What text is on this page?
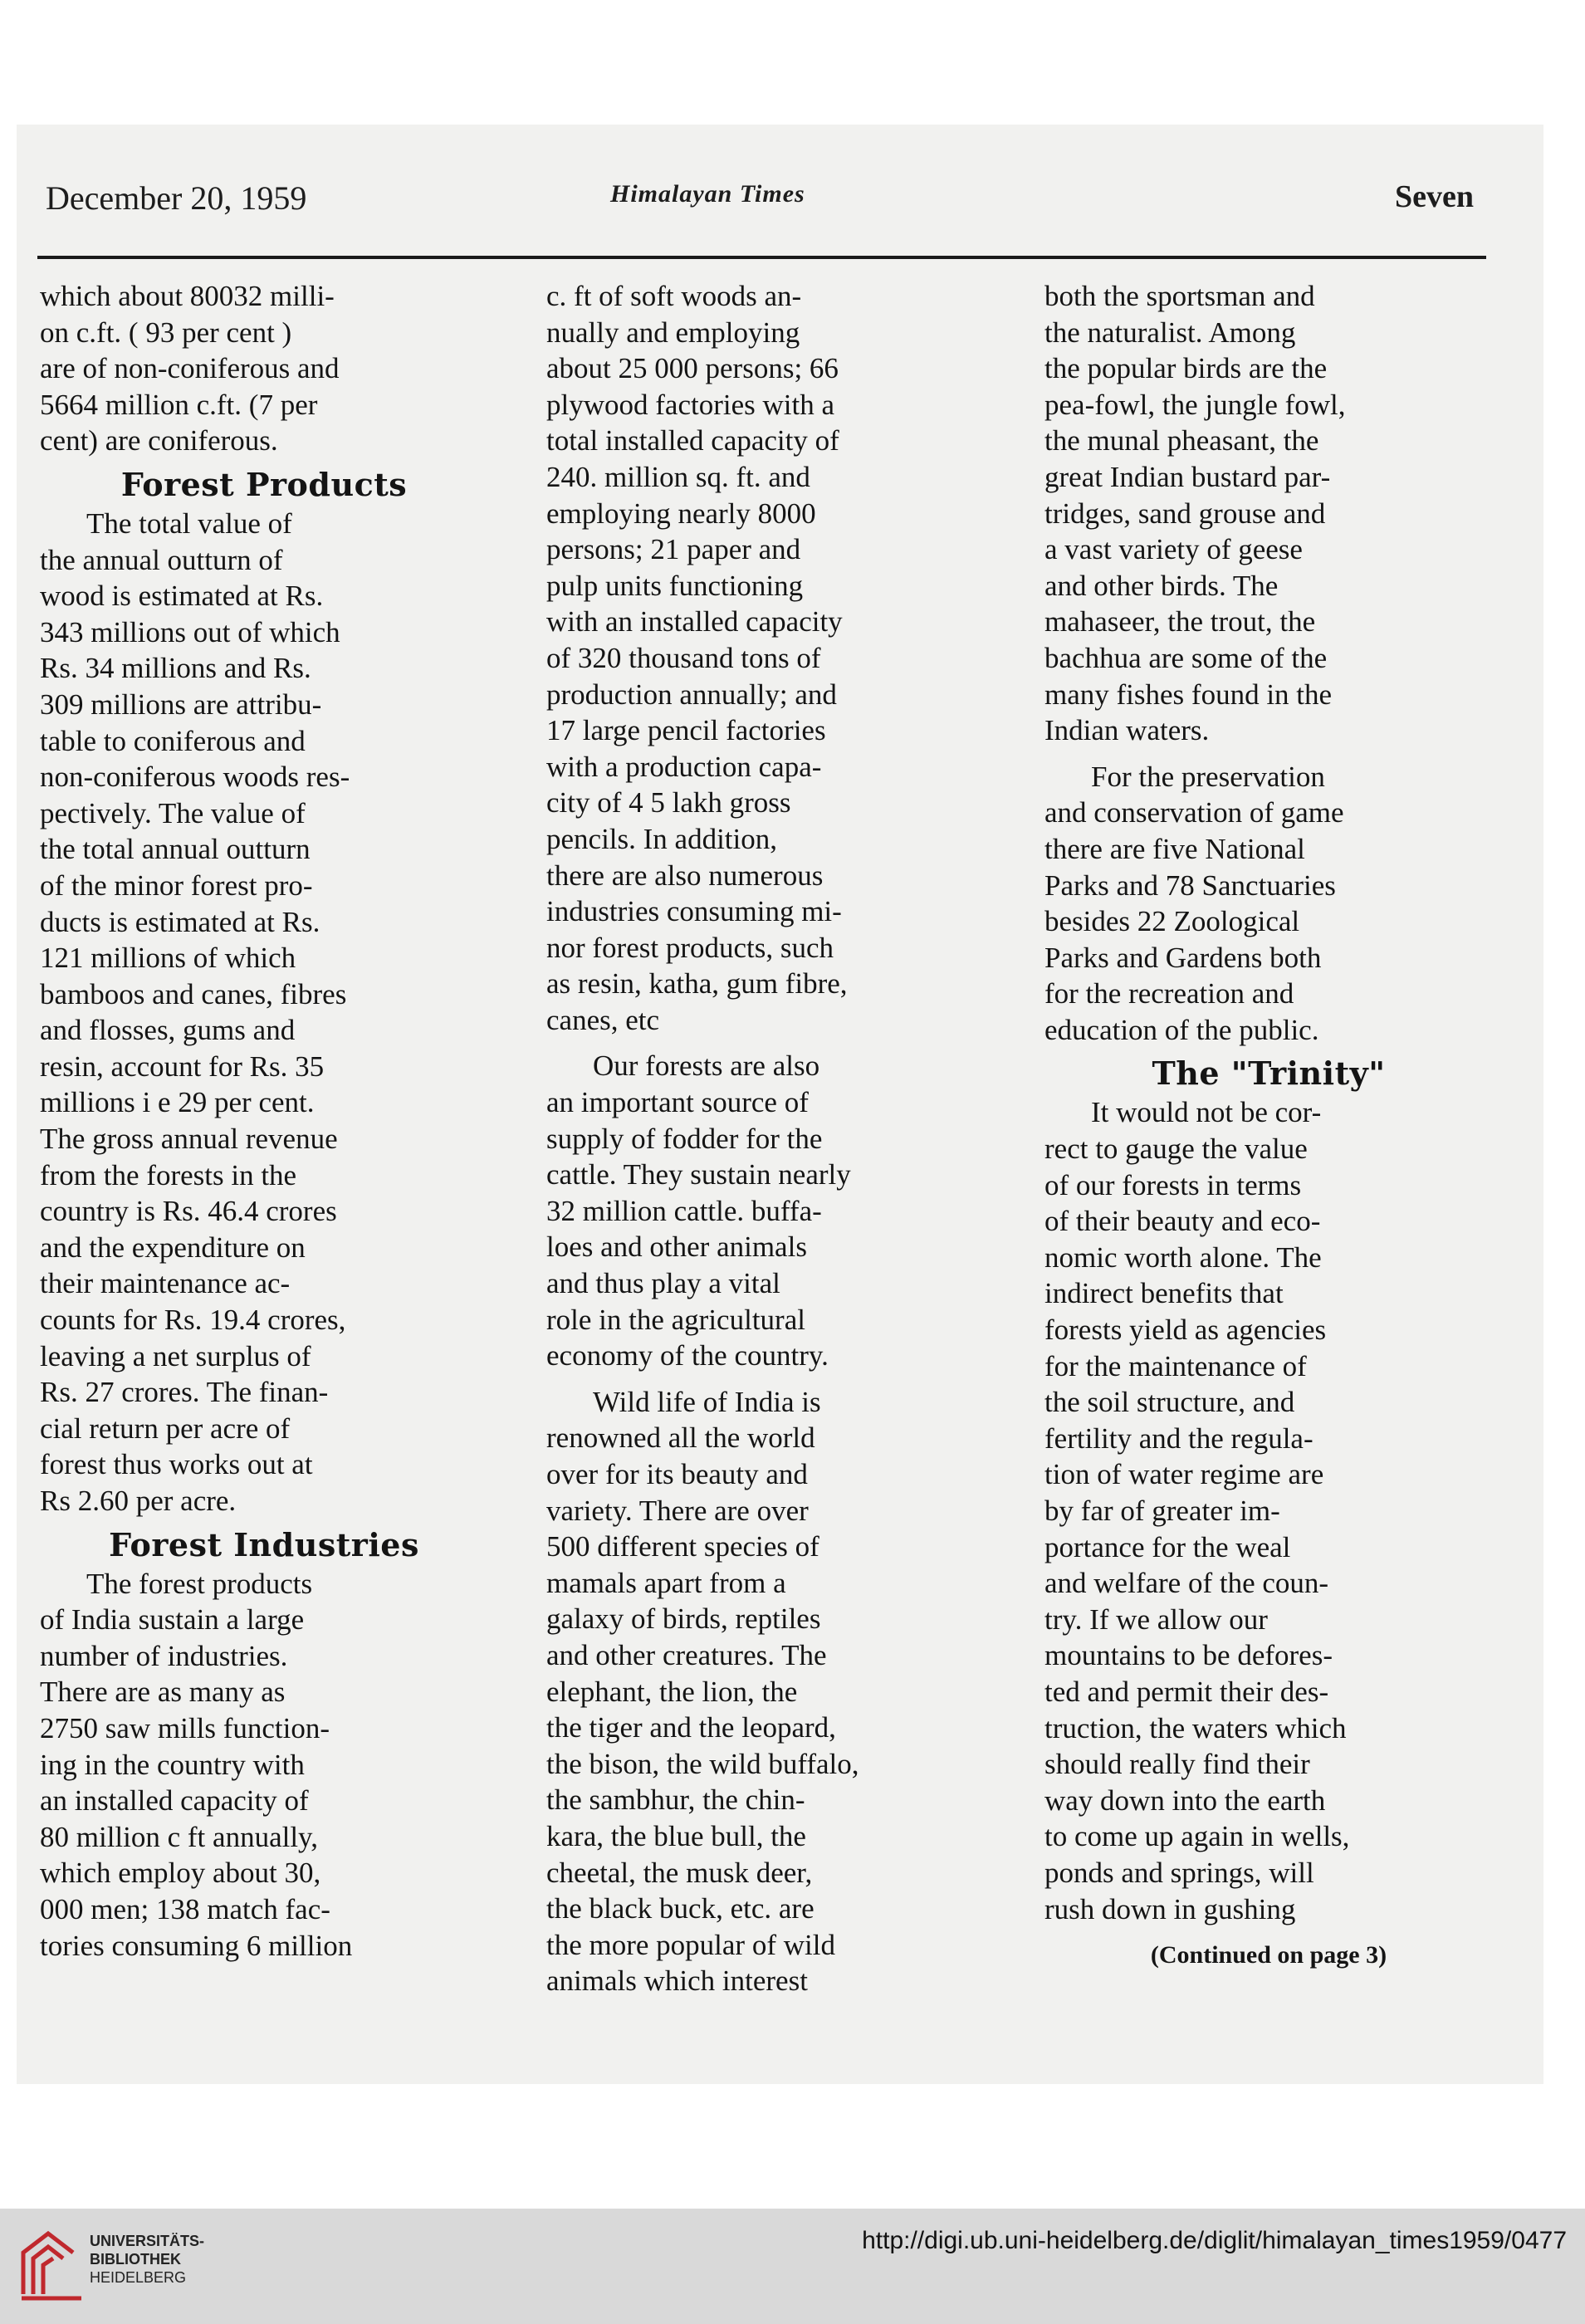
December 20, 1959	Himalayan Times	Seven

which about 80032 milli-
on c.ft. ( 93 per cent )
are of non-coniferous and
5664 million c.ft. (7 per
cent) are coniferous.

Forest Products

The total value of
the annual outturn of
wood is estimated at Rs.
343 millions out of which
Rs. 34 millions and Rs.
309 millions are attribu-
table to coniferous and
non-coniferous woods res-
pectively. The value of
the total annual outturn
of the minor forest pro-
ducts is estimated at Rs.
121 millions of which
bamboos and canes, fibres
and flosses, gums and
resin, account for Rs. 35
millions i e 29 per cent.
The gross annual revenue
from the forests in the
country is Rs. 46.4 crores
and the expenditure on
their maintenance ac-
counts for Rs. 19.4 crores,
leaving a net surplus of
Rs. 27 crores. The finan-
cial return per acre of
forest thus works out at
Rs 2.60 per acre.

Forest Industries

The forest products
of India sustain a large
number of industries.
There are as many as
2750 saw mills function-
ing in the country with
an installed capacity of
80 million c ft annually,
which employ about 30,
000 men; 138 match fac-
tories consuming 6 million

c. ft of soft woods an-
nually and employing
about 25 000 persons; 66
plywood factories with a
total installed capacity of
240. million sq. ft. and
employing nearly 8000
persons; 21 paper and
pulp units functioning
with an installed capacity
of 320 thousand tons of
production annually; and
17 large pencil factories
with a production capa-
city of 4 5 lakh gross
pencils. In addition,
there are also numerous
industries consuming mi-
nor forest products, such
as resin, katha, gum fibre,
canes, etc

Our forests are also
an important source of
supply of fodder for the
cattle. They sustain nearly
32 million cattle. buffa-
loes and other animals
and thus play a vital
role in the agricultural
economy of the country.

Wild life of India is
renowned all the world
over for its beauty and
variety. There are over
500 different species of
mamals apart from a
galaxy of birds, reptiles
and other creatures. The
elephant, the lion, the
the tiger and the leopard,
the bison, the wild buffalo,
the sambhur, the chin-
kara, the blue bull, the
cheetal, the musk deer,
the black buck, etc. are
the more popular of wild
animals which interest

both the sportsman and
the naturalist. Among
the popular birds are the
pea-fowl, the jungle fowl,
the munal pheasant, the
great Indian bustard par-
tridges, sand grouse and
a vast variety of geese
and other birds. The
mahaseer, the trout, the
bachhua are some of the
many fishes found in the
Indian waters.

For the preservation
and conservation of game
there are five National
Parks and 78 Sanctuaries
besides 22 Zoological
Parks and Gardens both
for the recreation and
education of the public.

The "Trinity"

It would not be cor-
rect to gauge the value
of our forests in terms
of their beauty and eco-
nomic worth alone. The
indirect benefits that
forests yield as agencies
for the maintenance of
the soil structure, and
fertility and the regula-
tion of water regime are
by far of greater im-
portance for the weal
and welfare of the coun-
try. If we allow our
mountains to be defores-
ted and permit their des-
truction, the waters which
should really find their
way down into the earth
to come up again in wells,
ponds and springs, will
rush down in gushing

(Continued on page 3)
UNIVERSITÄTS-
BIBLIOTHEK
HEIDELBERG
http://digi.ub.uni-heidelberg.de/diglit/himalayan_times1959/0477
